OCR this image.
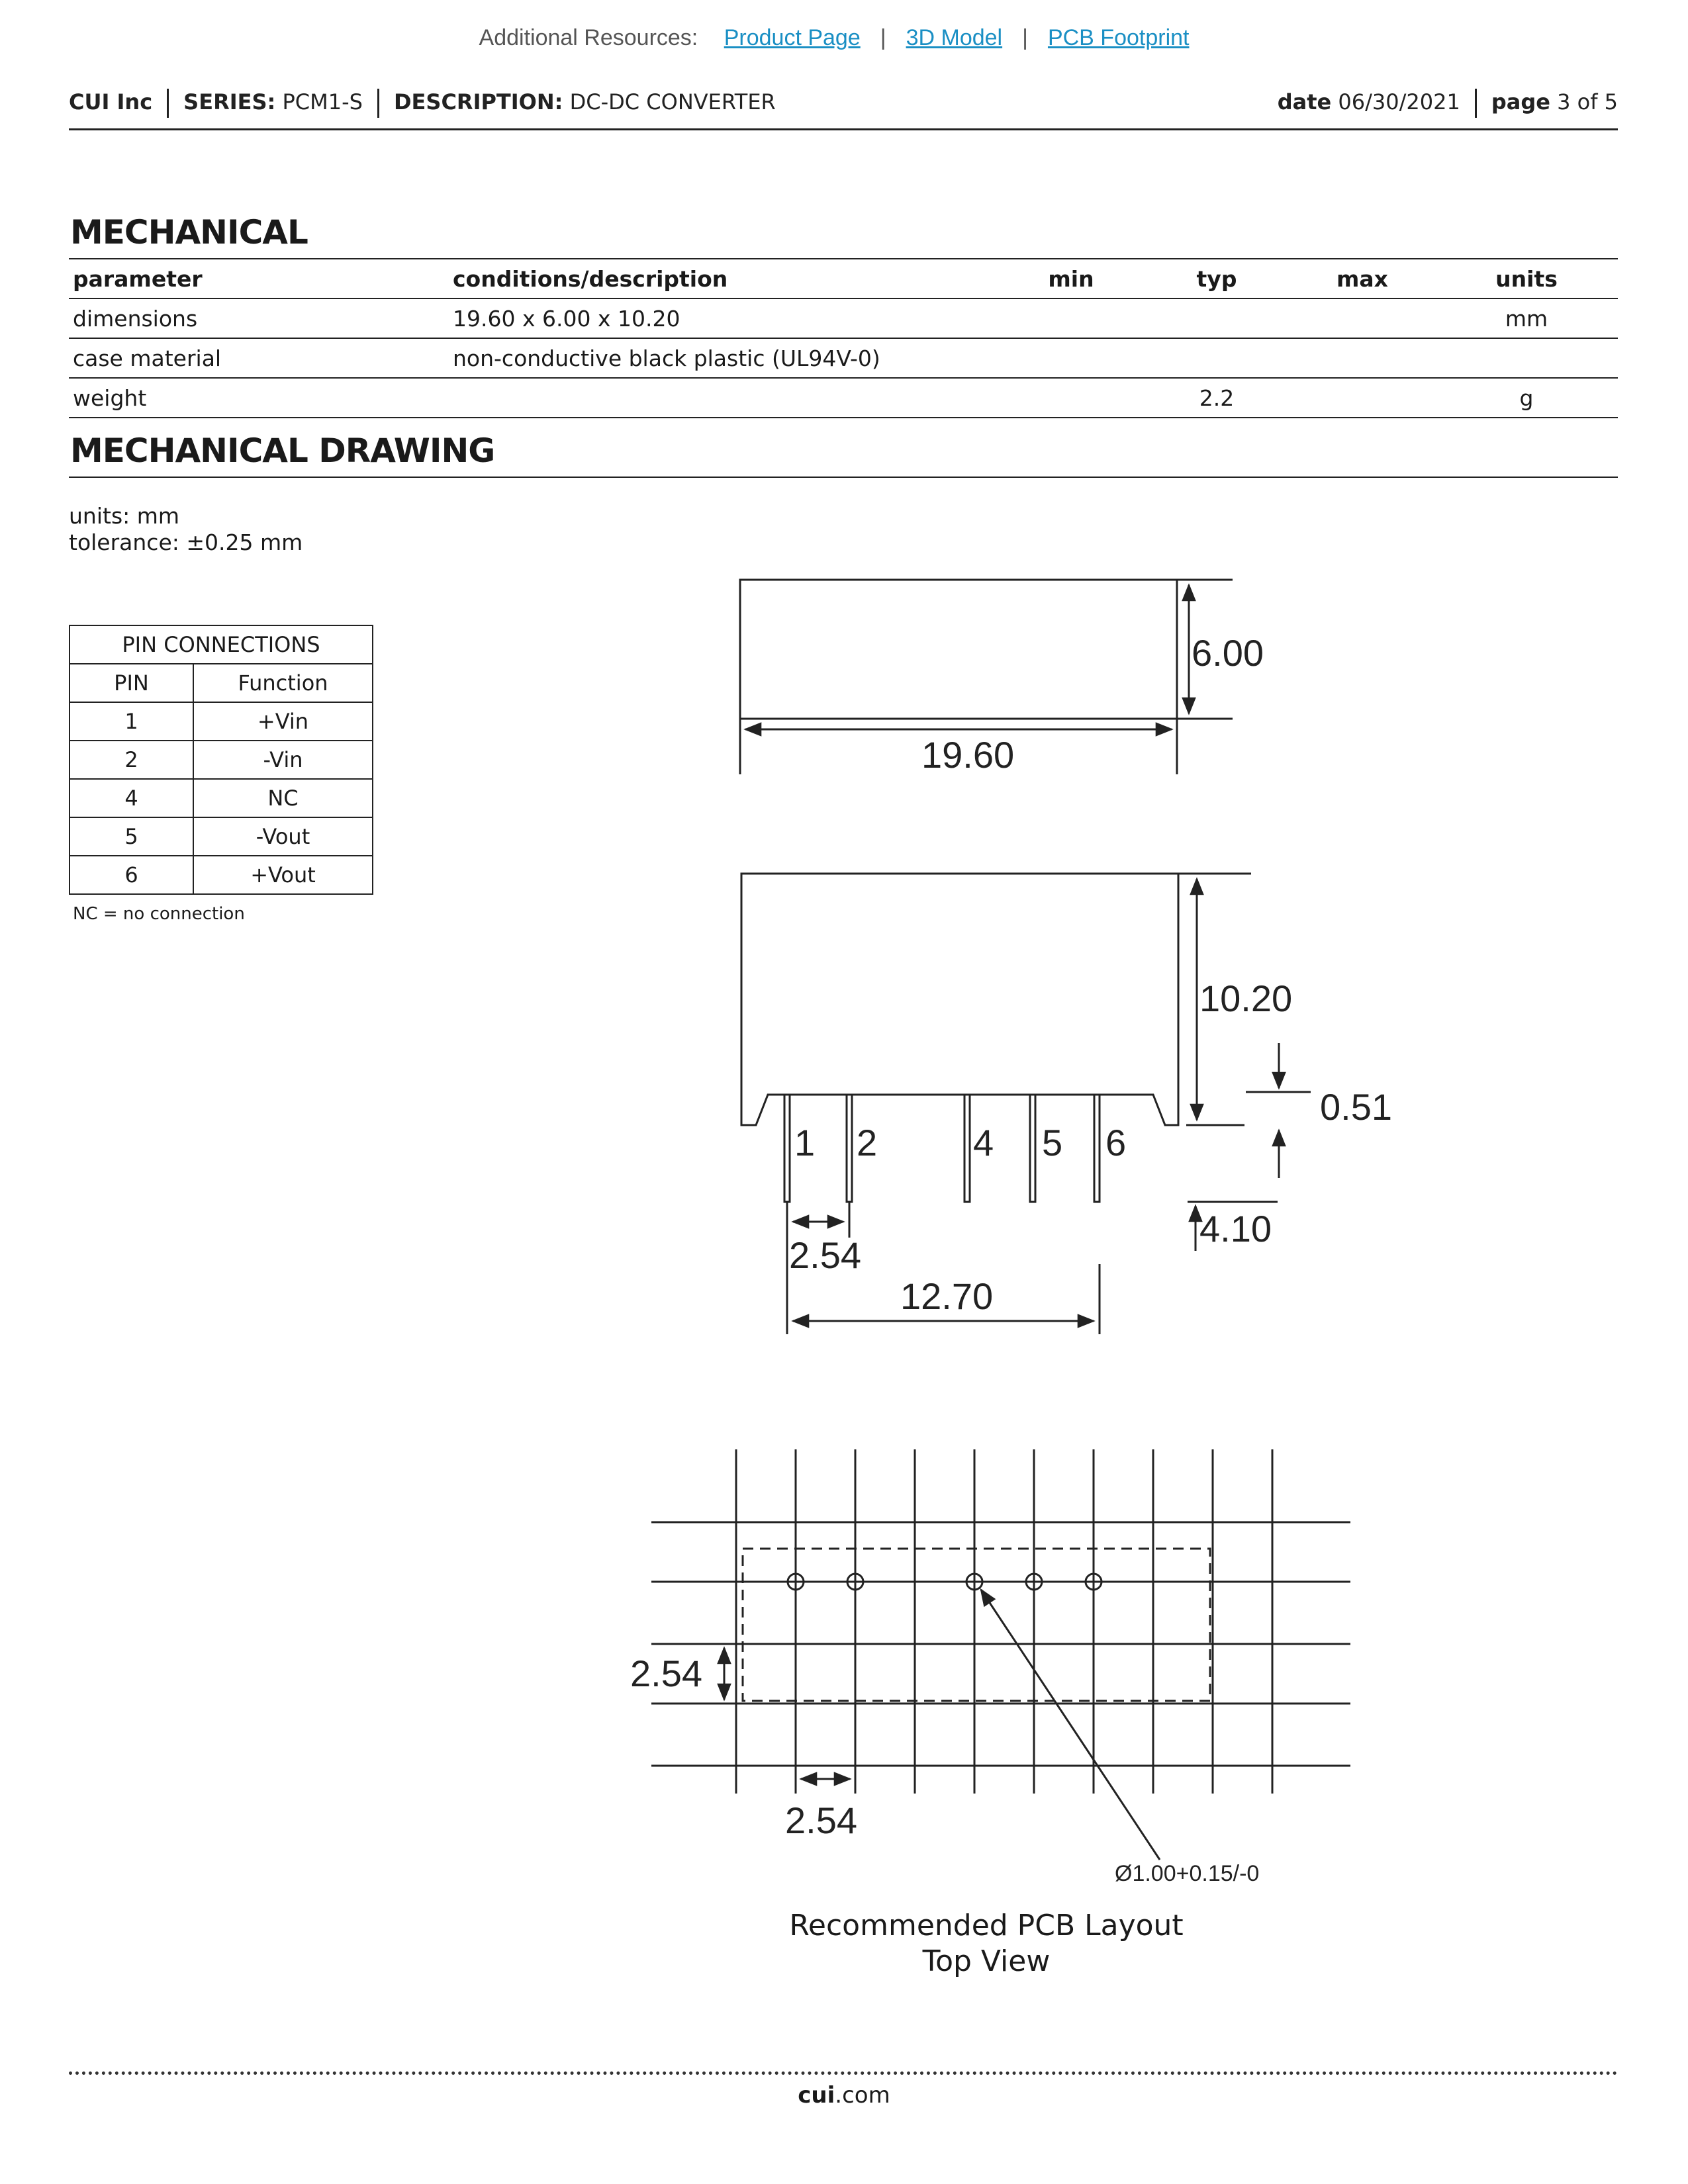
Additional Resources: Product Page | 3D Model | PCB Footprint
CUI Inc SERIES: PCM1-S DESCRIPTION: DC-DC CONVERTER	date 06/30/2021 page 3 of 5
MECHANICAL
parameter	conditions/description	min	typ	max	units
dimensions	19.60 x 6.00 x 10.20				mm
case material	non-conductive black plastic (UL94V-0)				
weight			2.2		g
MECHANICAL DRAWING
units: mm
tolerance: ±0.25 mm
PIN CONNECTIONS	
PIN	Function
1	+Vin
2	-Vin
4	NC
5	-Vout
6	+Vout
NC = no connection
6.00
19.60
10.20
0.51
4.10
2.54
12.70
1 2	4 5 6
2.54
2.54
Ø1.00+0.15/-0
Recommended PCB Layout
Top View
cui.com
